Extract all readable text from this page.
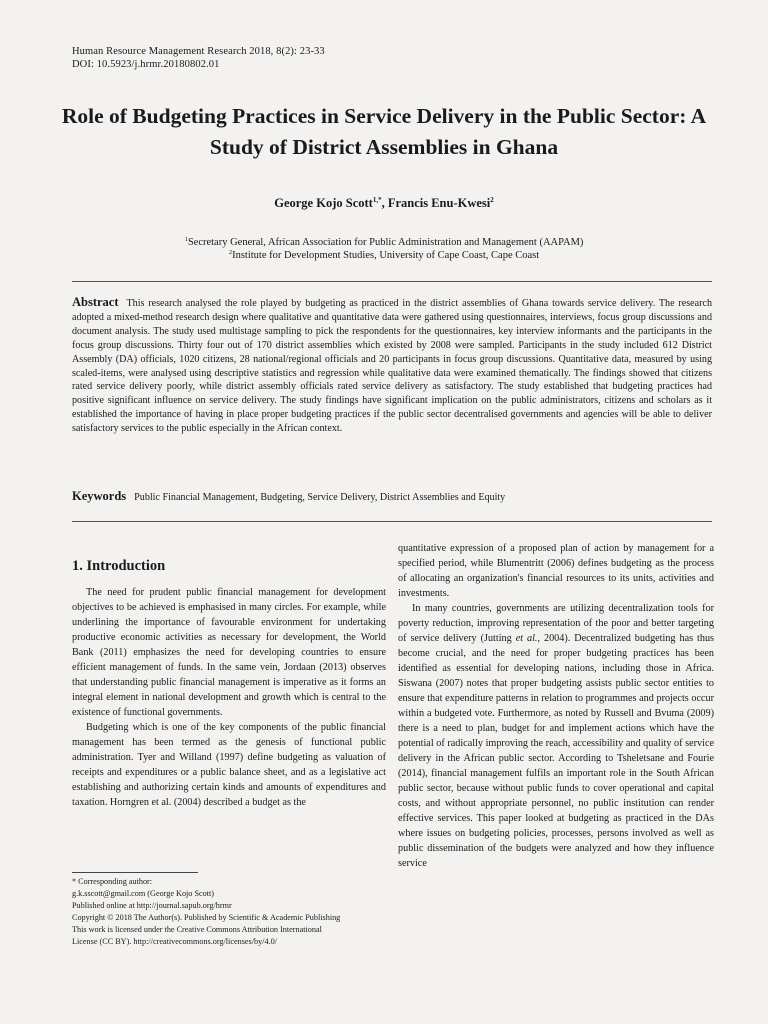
Human Resource Management Research 2018, 8(2): 23-33
DOI: 10.5923/j.hrmr.20180802.01
Role of Budgeting Practices in Service Delivery in the Public Sector: A Study of District Assemblies in Ghana
George Kojo Scott$^{1,*}$, Francis Enu-Kwesi$^2$
$^1$Secretary General, African Association for Public Administration and Management (AAPAM)
$^2$Institute for Development Studies, University of Cape Coast, Cape Coast
Abstract This research analysed the role played by budgeting as practiced in the district assemblies of Ghana towards service delivery. The research adopted a mixed-method research design where qualitative and quantitative data were gathered using questionnaires, interviews, focus group discussions and document analysis. The study used multistage sampling to pick the respondents for the questionnaires, key interview informants and the participants in the focus group discussions. Thirty four out of 170 district assemblies which existed by 2008 were sampled. Participants in the study included 612 District Assembly (DA) officials, 1020 citizens, 28 national/regional officials and 20 participants in focus group discussions. Quantitative data, measured by using scaled-items, were analysed using descriptive statistics and regression while qualitative data were examined thematically. The findings showed that citizens rated service delivery poorly, while district assembly officials rated service delivery as satisfactory. The study established that budgeting practices had positive significant influence on service delivery. The study findings have significant implication on the public administrators, citizens and scholars as it established the importance of having in place proper budgeting practices if the public sector decentralised governments and agencies will be able to deliver satisfactory services to the public especially in the African context.
Keywords Public Financial Management, Budgeting, Service Delivery, District Assemblies and Equity
1. Introduction

The need for prudent public financial management for development objectives to be achieved is emphasised in many circles. For example, while underlining the importance of favourable environment for undertaking productive economic activities as necessary for development, the World Bank (2011) emphasizes the need for developing countries to ensure efficient management of funds. In the same vein, Jordaan (2013) observes that understanding public financial management is imperative as it forms an integral element in national development and growth which is central to the existence of functional governments.

Budgeting which is one of the key components of the public financial management has been termed as the genesis of functional public administration. Tyer and Willand (1997) define budgeting as valuation of receipts and expenditures or a public balance sheet, and as a legislative act establishing and authorizing certain kinds and amounts of expenditures and taxation. Horngren et al. (2004) described a budget as the

quantitative expression of a proposed plan of action by management for a specified period, while Blumentritt (2006) defines budgeting as the process of allocating an organization's financial resources to its units, activities and investments.

In many countries, governments are utilizing decentralization tools for poverty reduction, improving representation of the poor and better targeting of service delivery (Jutting et al., 2004). Decentralized budgeting has thus become crucial, and the need for proper budgeting practices has been identified as essential for developing nations, including those in Africa. Siswana (2007) notes that proper budgeting assists public sector entities to ensure that expenditure patterns in relation to programmes and projects occur within a budgeted vote. Furthermore, as noted by Russell and Bvuma (2009) there is a need to plan, budget for and implement actions which have the potential of radically improving the reach, accessibility and quality of service delivery in the African public sector. According to Tsheletsane and Fourie (2014), financial management fulfils an important role in the South African public sector, because without public funds to cover operational and capital costs, and without appropriate personnel, no public institution can render effective services. This paper looked at budgeting as practiced in the DAs where issues on budgeting policies, processes, persons involved as well as public dissemination of the budgets were analyzed and how they influence service

* Corresponding author:
g.k.sscott@gmail.com (George Kojo Scott)
Published online at http://journal.sapub.org/hrmr
Copyright © 2018 The Author(s). Published by Scientific & Academic Publishing
This work is licensed under the Creative Commons Attribution International
License (CC BY). http://creativecommons.org/licenses/by/4.0/
